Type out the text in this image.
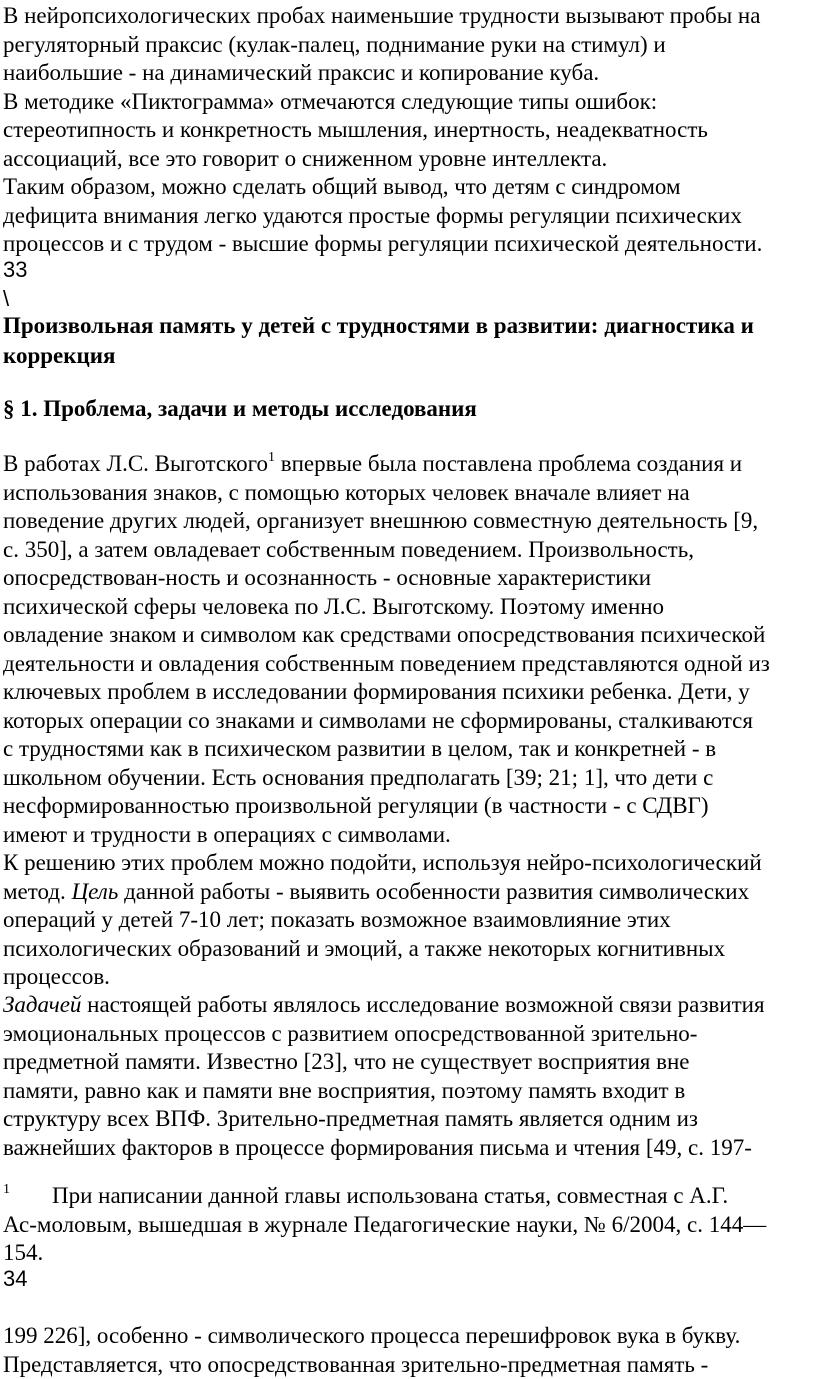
В нейропсихологических пробах наименьшие трудности вызывают пробы на
регуляторный праксис (кулак-палец, поднимание руки на стимул) и
наибольшие - на динамический праксис и копирование куба.
В методике «Пиктограмма» отмечаются следующие типы ошибок:
стереотипность и конкретность мышления, инертность, неадекватность
ассоциаций, все это говорит о сниженном уровне интеллекта.
Таким образом, можно сделать общий вывод, что детям с синдромом
дефицита внимания легко удаются простые формы регуляции психических
процессов и с трудом - высшие формы регуляции психической деятельности.

33

\

Произвольная память у детей с трудностями в развитии: диагностика и
коррекция
§ 1. Проблема, задачи и методы исследования

В работах Л.С. Выготского$^1$ впервые была поставлена проблема создания и
использования знаков, с помощью которых человек вначале влияет на
поведение других людей, организует внешнюю совместную деятельность [9,
с. 350], а затем овладевает собственным поведением. Произвольность,
опосредствован-ность и осознанность - основные характеристики
психической сферы человека по Л.С. Выготскому. Поэтому именно
овладение знаком и символом как средствами опосредствования психической
деятельности и овладения собственным поведением представляются одной из
ключевых проблем в исследовании формирования психики ребенка. Дети, у
которых операции со знаками и символами не сформированы, сталкиваются
с трудностями как в психическом развитии в целом, так и конкретней - в
школьном обучении. Есть основания предполагать [39; 21; 1], что дети с
несформированностью произвольной регуляции (в частности - с СДВГ)
имеют и трудности в операциях с символами.

К решению этих проблем можно подойти, используя нейро-психологический
метод. Цель данной работы - выявить особенности развития символических
операций у детей 7-10 лет; показать возможное взаимовлияние этих
психологических образований и эмоций, а также некоторых когнитивных
процессов.

Задачей настоящей работы являлось исследование возможной связи развития
эмоциональных процессов с развитием опосредствованной зрительно-
предметной памяти. Известно [23], что не существует восприятия вне
памяти, равно как и памяти вне восприятия, поэтому память входит в
структуру всех ВПФ. Зрительно-предметная память является одним из
важнейших факторов в процессе формирования письма и чтения [49, с. 197-

$^1$ При написании данной главы использована статья, совместная с А.Г.
Ас-моловым, вышедшая в журнале Педагогические науки, № 6/2004, с. 144—
154.

34

199 226], особенно - символического процесса перешифровок вука в букву.
Представляется, что опосредствованная зрительно-предметная память -
